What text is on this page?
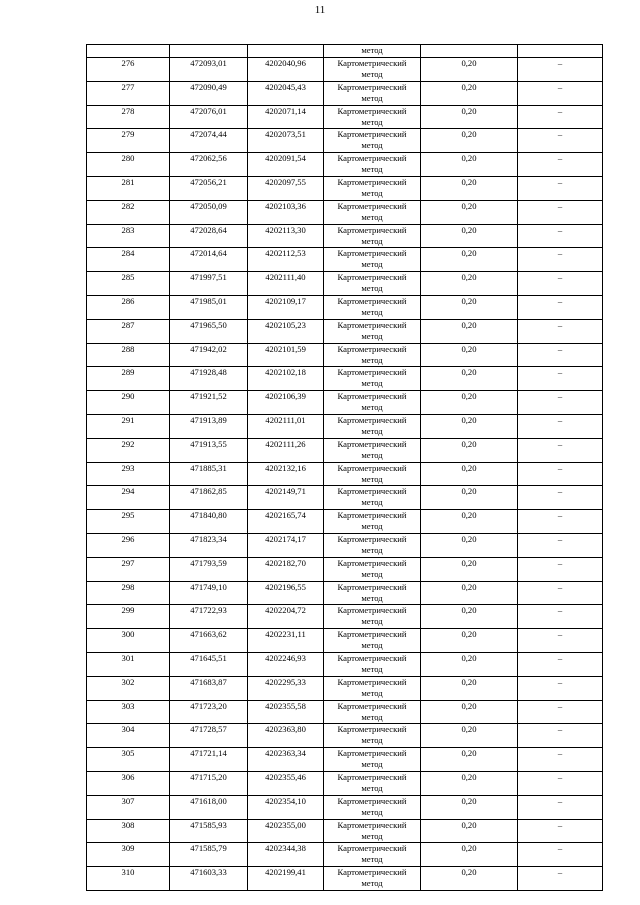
11
			метод		
276	472093,01	4202040,96	Картометрический
метод	0,20	–
277	472090,49	4202045,43	Картометрический
метод	0,20	–
278	472076,01	4202071,14	Картометрический
метод	0,20	–
279	472074,44	4202073,51	Картометрический
метод	0,20	–
280	472062,56	4202091,54	Картометрический
метод	0,20	–
281	472056,21	4202097,55	Картометрический
метод	0,20	–
282	472050,09	4202103,36	Картометрический
метод	0,20	–
283	472028,64	4202113,30	Картометрический
метод	0,20	–
284	472014,64	4202112,53	Картометрический
метод	0,20	–
285	471997,51	4202111,40	Картометрический
метод	0,20	–
286	471985,01	4202109,17	Картометрический
метод	0,20	–
287	471965,50	4202105,23	Картометрический
метод	0,20	–
288	471942,02	4202101,59	Картометрический
метод	0,20	–
289	471928,48	4202102,18	Картометрический
метод	0,20	–
290	471921,52	4202106,39	Картометрический
метод	0,20	–
291	471913,89	4202111,01	Картометрический
метод	0,20	–
292	471913,55	4202111,26	Картометрический
метод	0,20	–
293	471885,31	4202132,16	Картометрический
метод	0,20	–
294	471862,85	4202149,71	Картометрический
метод	0,20	–
295	471840,80	4202165,74	Картометрический
метод	0,20	–
296	471823,34	4202174,17	Картометрический
метод	0,20	–
297	471793,59	4202182,70	Картометрический
метод	0,20	–
298	471749,10	4202196,55	Картометрический
метод	0,20	–
299	471722,93	4202204,72	Картометрический
метод	0,20	–
300	471663,62	4202231,11	Картометрический
метод	0,20	–
301	471645,51	4202246,93	Картометрический
метод	0,20	–
302	471683,87	4202295,33	Картометрический
метод	0,20	–
303	471723,20	4202355,58	Картометрический
метод	0,20	–
304	471728,57	4202363,80	Картометрический
метод	0,20	–
305	471721,14	4202363,34	Картометрический
метод	0,20	–
306	471715,20	4202355,46	Картометрический
метод	0,20	–
307	471618,00	4202354,10	Картометрический
метод	0,20	–
308	471585,93	4202355,00	Картометрический
метод	0,20	–
309	471585,79	4202344,38	Картометрический
метод	0,20	–
310	471603,33	4202199,41	Картометрический
метод	0,20	–
